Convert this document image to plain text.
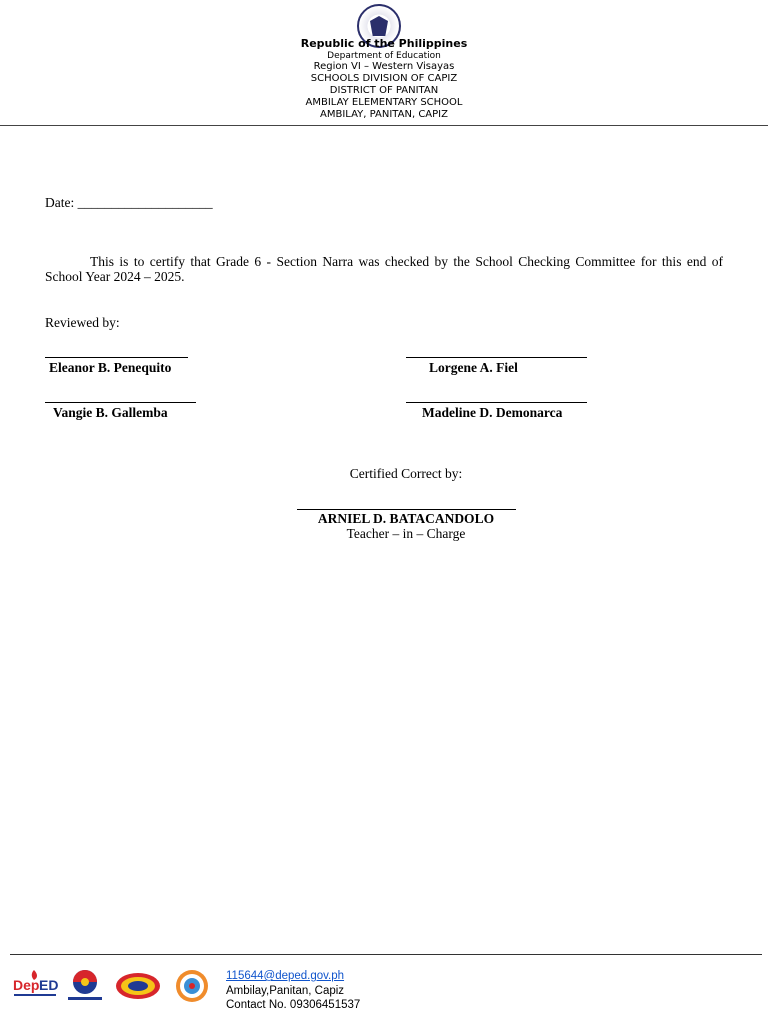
Republic of the Philippines
Department of Education
Region VI – Western Visayas
SCHOOLS DIVISION OF CAPIZ
DISTRICT OF PANITAN
AMBILAY ELEMENTARY SCHOOL
AMBILAY, PANITAN, CAPIZ
Date: ____________________
This is to certify that Grade 6 - Section Narra was checked by the School Checking Committee for this end of School Year 2024 – 2025.
Reviewed by:
Eleanor B. Penequito	Lorgene A. Fiel
Vangie B. Gallemba	Madeline D. Demonarca
Certified Correct by:
ARNIEL D. BATACANDOLO
Teacher – in – Charge
Dep ED
115644@deped.gov.ph
Ambilay,Panitan, Capiz
Contact No. 09306451537
